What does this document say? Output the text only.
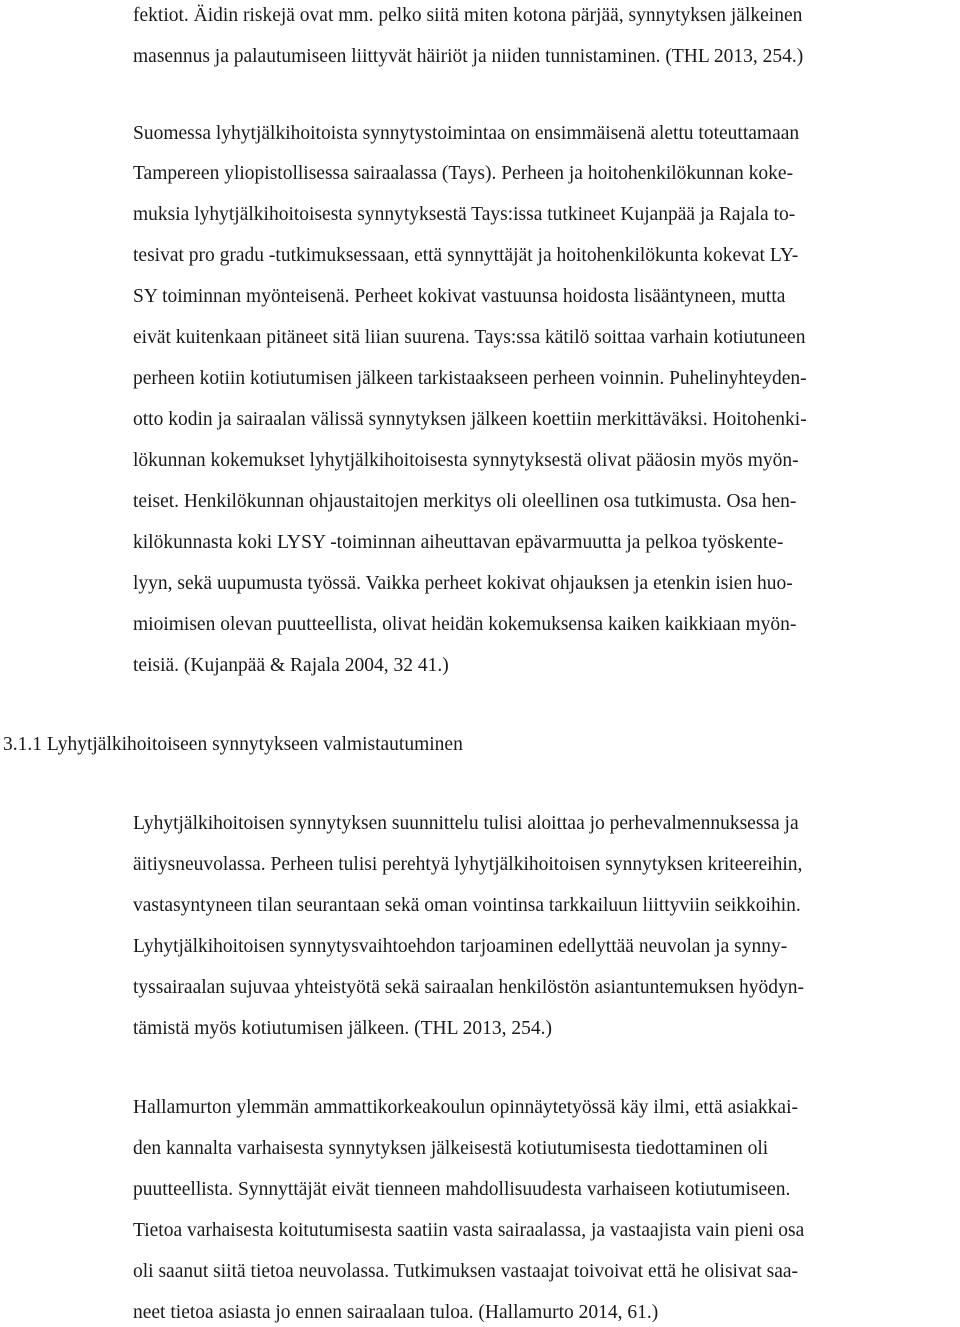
fektiot. Äidin riskejä ovat mm. pelko siitä miten kotona pärjää, synnytyksen jälkeinen

masennus ja palautumiseen liittyvät häiriöt ja niiden tunnistaminen. (THL 2013, 254.)

Suomessa lyhytjälkihoitoista synnytystoimintaa on ensimmäisenä alettu toteuttamaan

Tampereen yliopistollisessa sairaalassa (Tays). Perheen ja hoitohenkilökunnan koke-

muksia lyhytjälkihoitoisesta synnytyksestä Tays:issa tutkineet Kujanpää ja Rajala to-

tesivat pro gradu -tutkimuksessaan, että synnyttäjät ja hoitohenkilökunta kokevat LY-

SY toiminnan myönteisenä. Perheet kokivat vastuunsa hoidosta lisääntyneen, mutta

eivät kuitenkaan pitäneet sitä liian suurena. Tays:ssa kätilö soittaa varhain kotiutuneen

perheen kotiin kotiutumisen jälkeen tarkistaakseen perheen voinnin. Puhelinyhteyden-

otto kodin ja sairaalan välissä synnytyksen jälkeen koettiin merkittäväksi. Hoitohenki-

lökunnan kokemukset lyhytjälkihoitoisesta synnytyksestä olivat pääosin myös myön-

teiset. Henkilökunnan ohjaustaitojen merkitys oli oleellinen osa tutkimusta. Osa hen-

kilökunnasta koki LYSY -toiminnan aiheuttavan epävarmuutta ja pelkoa työskente-

lyyn, sekä uupumusta työssä. Vaikka perheet kokivat ohjauksen ja etenkin isien huo-

mioimisen olevan puutteellista, olivat heidän kokemuksensa kaiken kaikkiaan myön-

teisiä. (Kujanpää & Rajala 2004, 32 41.)

3.1.1 Lyhytjälkihoitoiseen synnytykseen valmistautuminen

Lyhytjälkihoitoisen synnytyksen suunnittelu tulisi aloittaa jo perhevalmennuksessa ja

äitiysneuvolassa. Perheen tulisi perehtyä lyhytjälkihoitoisen synnytyksen kriteereihin,

vastasyntyneen tilan seurantaan sekä oman vointinsa tarkkailuun liittyviin seikkoihin.

Lyhytjälkihoitoisen synnytysvaihtoehdon tarjoaminen edellyttää neuvolan ja synny-

tyssairaalan sujuvaa yhteistyötä sekä sairaalan henkilöstön asiantuntemuksen hyödyn-

tämistä myös kotiutumisen jälkeen. (THL 2013, 254.)

Hallamurton ylemmän ammattikorkeakoulun opinnäytetyössä käy ilmi, että asiakkai-

den kannalta varhaisesta synnytyksen jälkeisestä kotiutumisesta tiedottaminen oli

puutteellista. Synnyttäjät eivät tienneen mahdollisuudesta varhaiseen kotiutumiseen.

Tietoa varhaisesta koitutumisesta saatiin vasta sairaalassa, ja vastaajista vain pieni osa

oli saanut siitä tietoa neuvolassa. Tutkimuksen vastaajat toivoivat että he olisivat saa-

neet tietoa asiasta jo ennen sairaalaan tuloa. (Hallamurto 2014, 61.)
